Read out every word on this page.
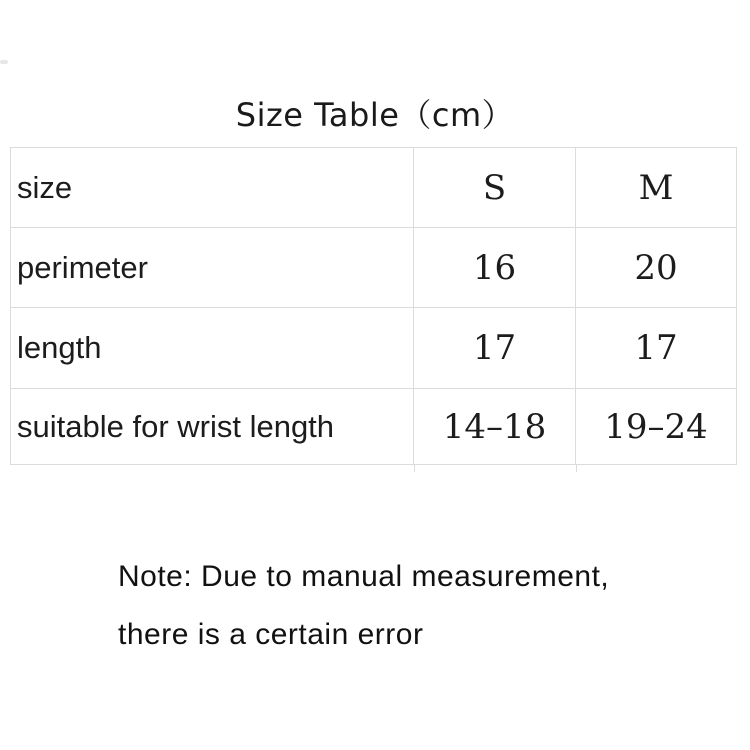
Size Table（cm）
size	S	M
perimeter	16	20
length	17	17
suitable for wrist length	14–18	19–24
Note: Due to manual measurement,
there is a certain error
